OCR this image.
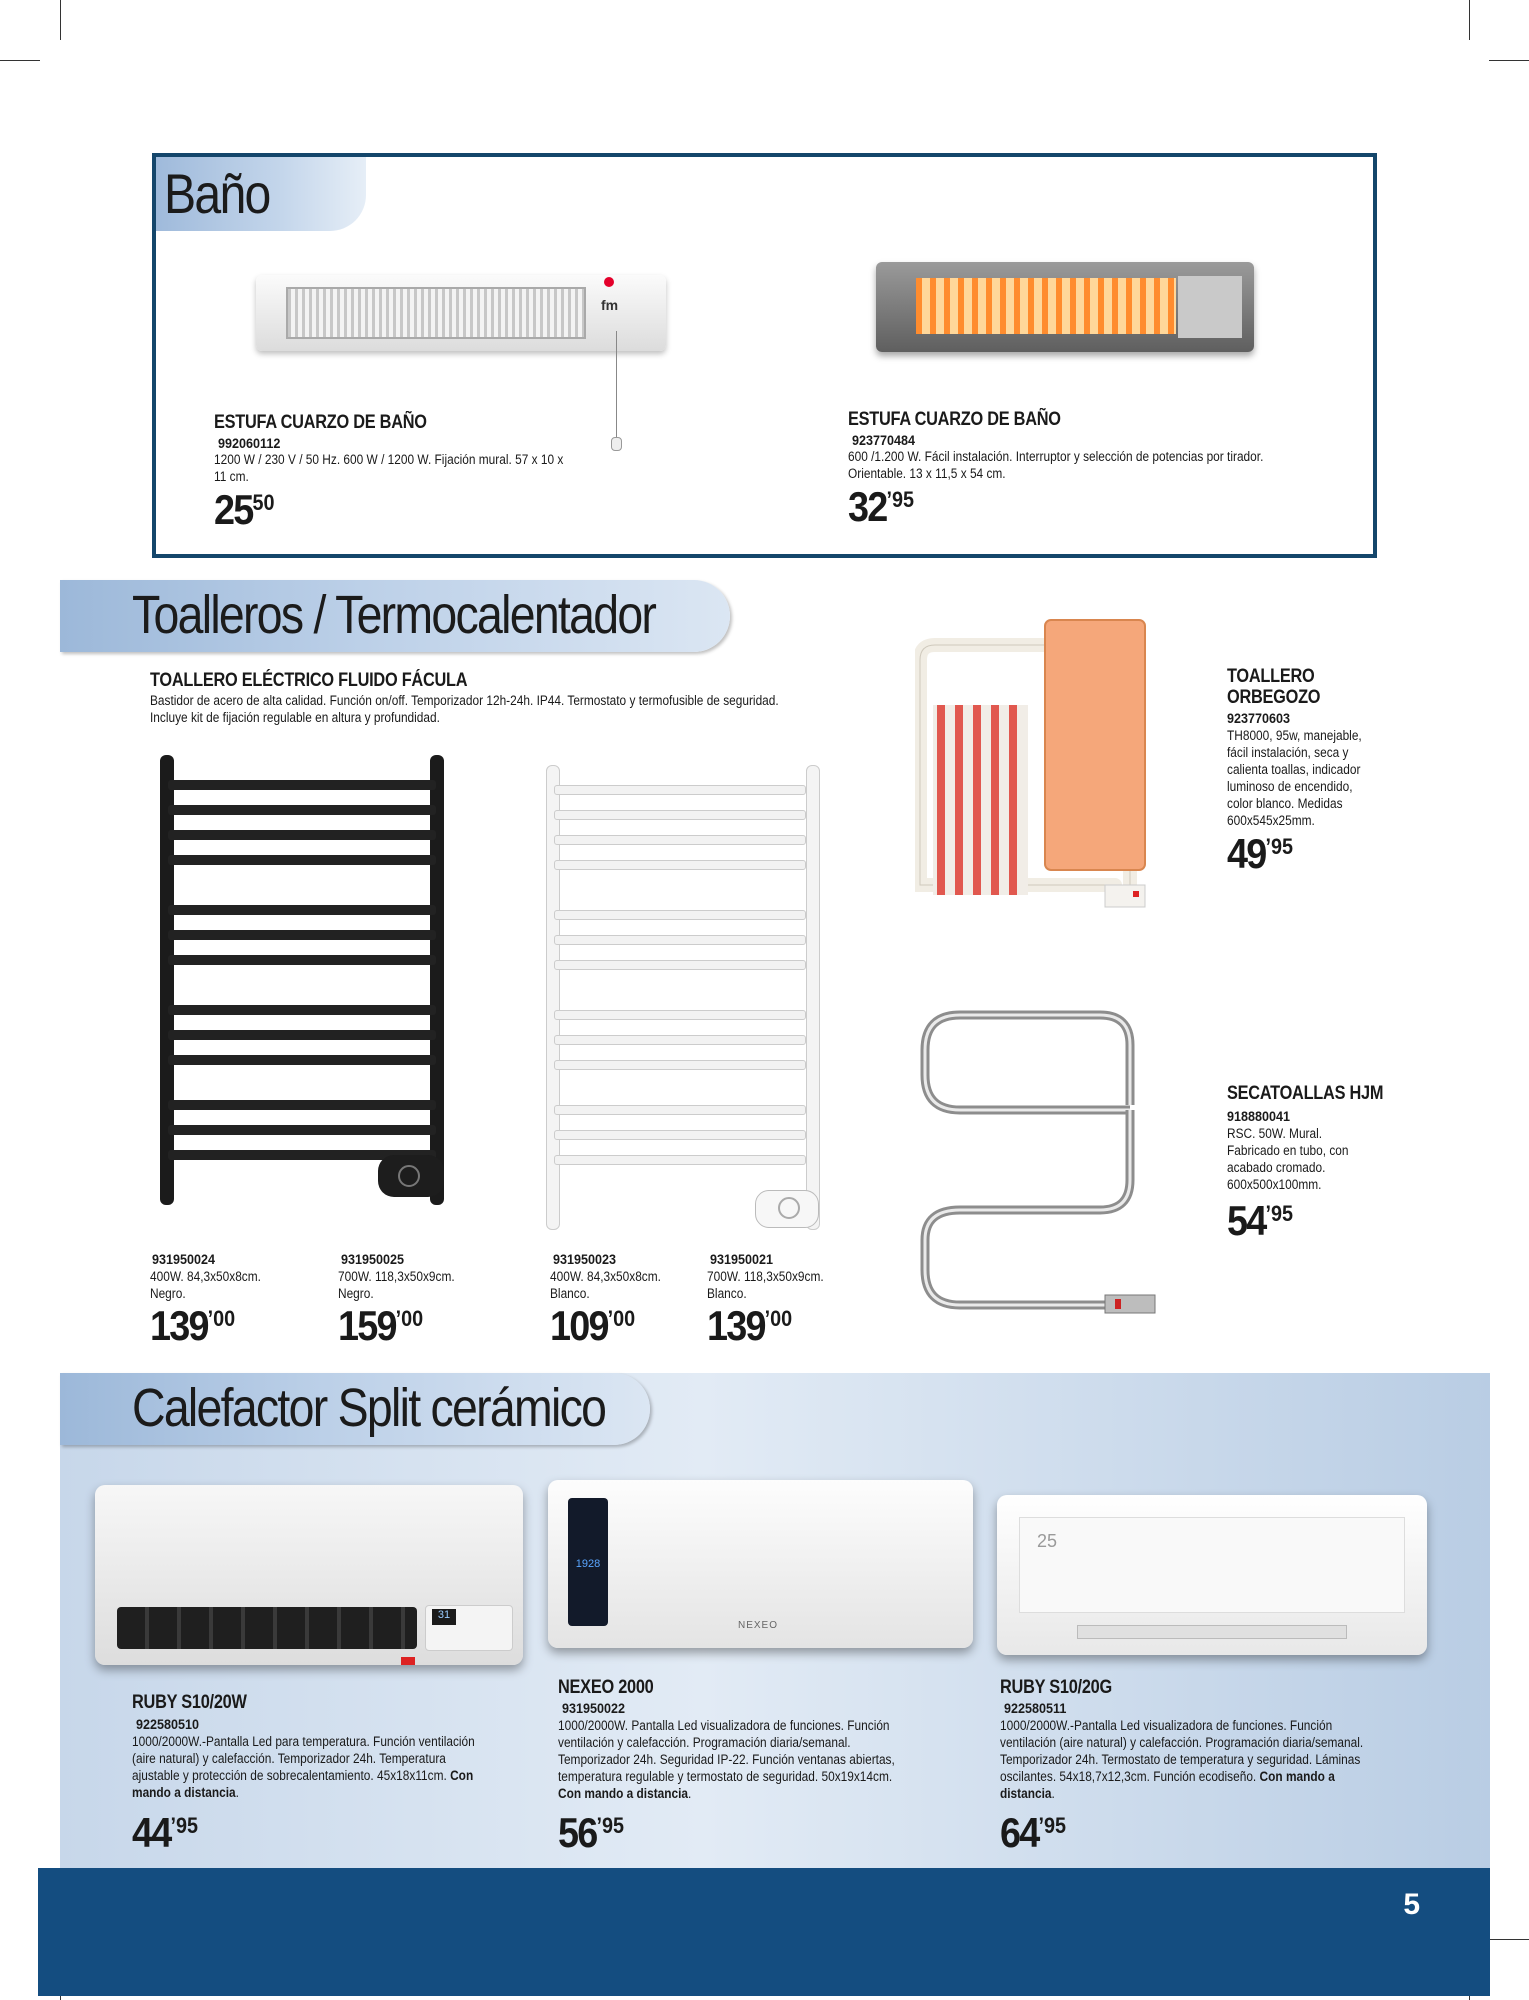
Baño
fm
ESTUFA CUARZO DE BAÑO
992060112
1200 W / 230 V / 50 Hz. 600 W / 1200 W. Fijación mural. 57 x 10 x 11 cm.
$25^{50}$
ESTUFA CUARZO DE BAÑO
923770484
600 /1.200 W. Fácil instalación. Interruptor y selección de potencias por tirador. Orientable. 13 x 11,5 x 54 cm.
$32^{’95}$
Toalleros / Termocalentador
TOALLERO ELÉCTRICO FLUIDO FÁCULA
Bastidor de acero de alta calidad. Función on/off. Temporizador 12h-24h. IP44. Termostato y termofusible de seguridad. Incluye kit de fijación regulable en altura y profundidad.
931950024
400W. 84,3x50x8cm. Negro.
$139^{’00}$
931950025
700W. 118,3x50x9cm. Negro.
$159^{’00}$
931950023
400W. 84,3x50x8cm. Blanco.
$109^{’00}$
931950021
700W. 118,3x50x9cm. Blanco.
$139^{’00}$
TOALLERO ORBEGOZO
923770603
TH8000, 95w, manejable, fácil instalación, seca y calienta toallas, indicador luminoso de encendido, color blanco. Medidas 600x545x25mm.
$49^{’95}$
SECATOALLAS HJM
918880041
RSC. 50W. Mural. Fabricado en tubo, con acabado cromado. 600x500x100mm.
$54^{’95}$
Calefactor Split cerámico
31
RUBY S10/20W
922580510
1000/2000W.-Pantalla Led para temperatura. Función ventilación (aire natural) y calefacción. Temporizador 24h. Temperatura ajustable y protección de sobrecalentamiento. 45x18x11cm. Con mando a distancia.
$44^{’95}$
1928
NEXEO
NEXEO 2000
931950022
1000/2000W. Pantalla Led visualizadora de funciones. Función ventilación y calefacción. Programación diaria/semanal. Temporizador 24h. Seguridad IP-22. Función ventanas abiertas, temperatura regulable y termostato de seguridad. 50x19x14cm. Con mando a distancia.
$56^{’95}$
25
RUBY S10/20G
922580511
1000/2000W.-Pantalla Led visualizadora de funciones. Función ventilación (aire natural) y calefacción. Programación diaria/semanal. Temporizador 24h. Termostato de temperatura y seguridad. Láminas oscilantes. 54x18,7x12,3cm. Función ecodiseño. Con mando a distancia.
$64^{’95}$
5
